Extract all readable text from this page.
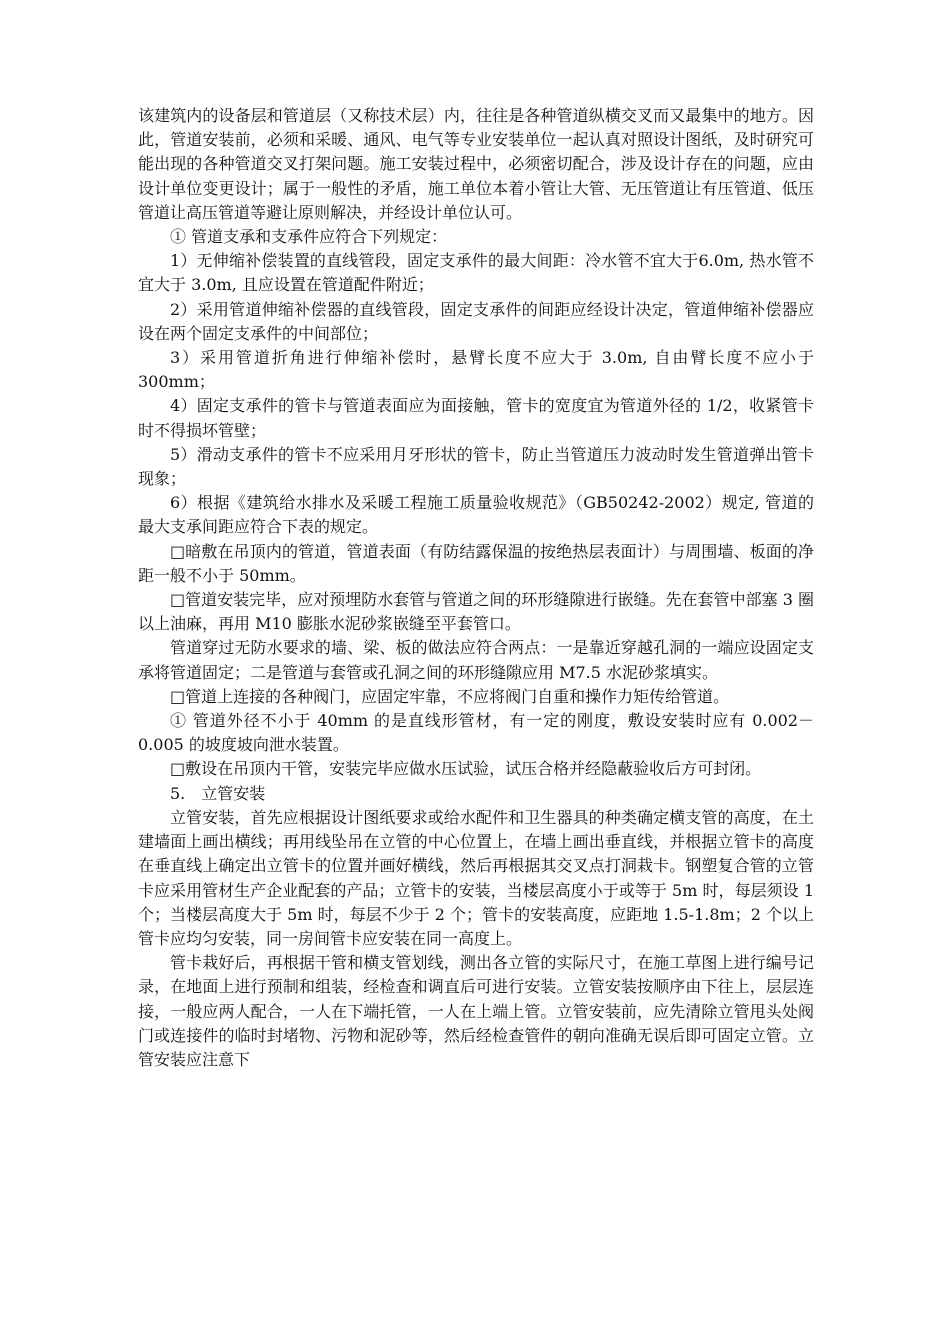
该建筑内的设备层和管道层（又称技术层）内，往往是各种管道纵横交叉而又最集中的地方。因此，管道安装前，必须和采暖、通风、电气等专业安装单位一起认真对照设计图纸，及时研究可能出现的各种管道交叉打架问题。施工安装过程中，必须密切配合，涉及设计存在的问题，应由设计单位变更设计；属于一般性的矛盾，施工单位本着小管让大管、无压管道让有压管道、低压管道让高压管道等避让原则解决，并经设计单位认可。

① 管道支承和支承件应符合下列规定：

1）无伸缩补偿装置的直线管段，固定支承件的最大间距：冷水管不宜大于6.0m, 热水管不宜大于 3.0m, 且应设置在管道配件附近；

2）采用管道伸缩补偿器的直线管段，固定支承件的间距应经设计决定，管道伸缩补偿器应设在两个固定支承件的中间部位；

3）采用管道折角进行伸缩补偿时，悬臂长度不应大于 3.0m, 自由臂长度不应小于 300mm；

4）固定支承件的管卡与管道表面应为面接触，管卡的宽度宜为管道外径的 1/2，收紧管卡时不得损坏管壁；

5）滑动支承件的管卡不应采用月牙形状的管卡，防止当管道压力波动时发生管道弹出管卡现象；

6）根据《建筑给水排水及采暖工程施工质量验收规范》（GB50242-2002）规定, 管道的最大支承间距应符合下表的规定。

□暗敷在吊顶内的管道，管道表面（有防结露保温的按绝热层表面计）与周围墙、板面的净距一般不小于 50mm。

□管道安装完毕，应对预埋防水套管与管道之间的环形缝隙进行嵌缝。先在套管中部塞 3 圈以上油麻，再用 M10 膨胀水泥砂浆嵌缝至平套管口。

管道穿过无防水要求的墙、梁、板的做法应符合两点：一是靠近穿越孔洞的一端应设固定支承将管道固定；二是管道与套管或孔洞之间的环形缝隙应用 M7.5 水泥砂浆填实。

□管道上连接的各种阀门，应固定牢靠，不应将阀门自重和操作力矩传给管道。

① 管道外径不小于 40mm 的是直线形管材，有一定的刚度，敷设安装时应有 0.002－0.005 的坡度坡向泄水装置。

□敷设在吊顶内干管，安装完毕应做水压试验，试压合格并经隐蔽验收后方可封闭。

5.　立管安装

立管安装，首先应根据设计图纸要求或给水配件和卫生器具的种类确定横支管的高度，在土建墙面上画出横线；再用线坠吊在立管的中心位置上，在墙上画出垂直线，并根据立管卡的高度在垂直线上确定出立管卡的位置并画好横线，然后再根据其交叉点打洞栽卡。钢塑复合管的立管卡应采用管材生产企业配套的产品；立管卡的安装，当楼层高度小于或等于 5m 时，每层须设 1 个；当楼层高度大于 5m 时，每层不少于 2 个；管卡的安装高度，应距地 1.5-1.8m；2 个以上管卡应均匀安装，同一房间管卡应安装在同一高度上。

管卡栽好后，再根据干管和横支管划线，测出各立管的实际尺寸，在施工草图上进行编号记录，在地面上进行预制和组装，经检查和调直后可进行安装。立管安装按顺序由下往上，层层连接，一般应两人配合，一人在下端托管，一人在上端上管。立管安装前，应先清除立管甩头处阀门或连接件的临时封堵物、污物和泥砂等，然后经检查管件的朝向准确无误后即可固定立管。立管安装应注意下
